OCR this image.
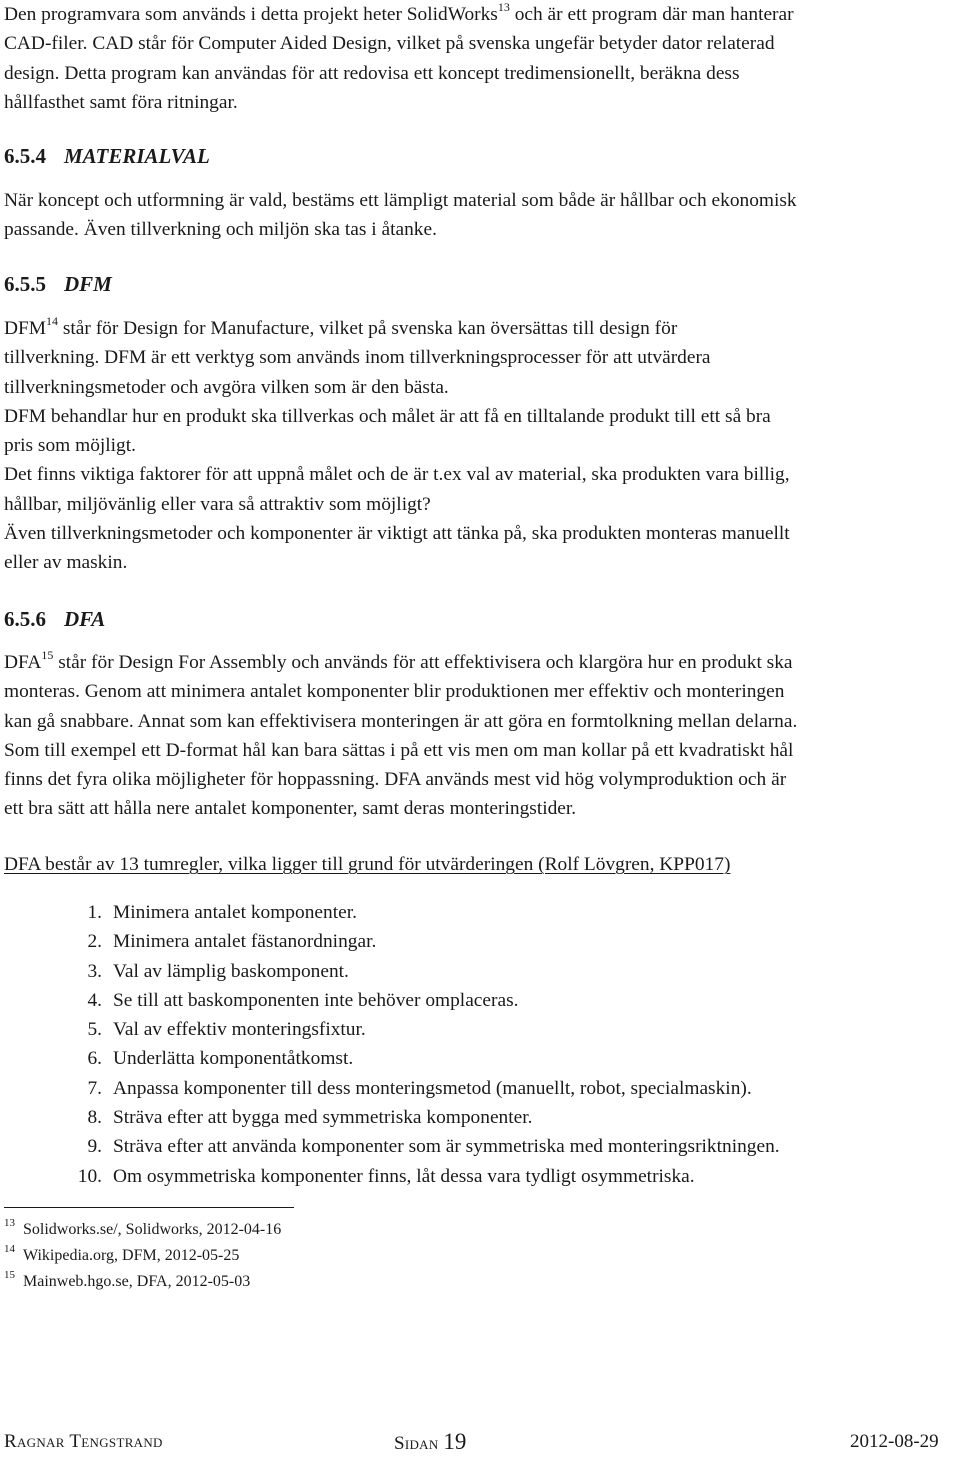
Den programvara som används i detta projekt heter SolidWorks$^{13}$ och är ett program där man hanterar
CAD-filer. CAD står för Computer Aided Design, vilket på svenska ungefär betyder dator relaterad
design. Detta program kan användas för att redovisa ett koncept tredimensionellt, beräkna dess
hållfasthet samt föra ritningar.
6.5.4 MATERIALVAL
När koncept och utformning är vald, bestäms ett lämpligt material som både är hållbar och ekonomisk
passande. Även tillverkning och miljön ska tas i åtanke.
6.5.5 DFM
DFM$^{14}$ står för Design for Manufacture, vilket på svenska kan översättas till design för
tillverkning. DFM är ett verktyg som används inom tillverkningsprocesser för att utvärdera
tillverkningsmetoder och avgöra vilken som är den bästa.
DFM behandlar hur en produkt ska tillverkas och målet är att få en tilltalande produkt till ett så bra
pris som möjligt.
Det finns viktiga faktorer för att uppnå målet och de är t.ex val av material, ska produkten vara billig,
hållbar, miljövänlig eller vara så attraktiv som möjligt?
Även tillverkningsmetoder och komponenter är viktigt att tänka på, ska produkten monteras manuellt
eller av maskin.
6.5.6 DFA
DFA$^{15}$ står för Design For Assembly och används för att effektivisera och klargöra hur en produkt ska
monteras. Genom att minimera antalet komponenter blir produktionen mer effektiv och monteringen
kan gå snabbare. Annat som kan effektivisera monteringen är att göra en formtolkning mellan delarna.
Som till exempel ett D-format hål kan bara sättas i på ett vis men om man kollar på ett kvadratiskt hål
finns det fyra olika möjligheter för hoppassning. DFA används mest vid hög volymproduktion och är
ett bra sätt att hålla nere antalet komponenter, samt deras monteringstider.
DFA består av 13 tumregler, vilka ligger till grund för utvärderingen (Rolf Lövgren, KPP017)
1. Minimera antalet komponenter.
2. Minimera antalet fästanordningar.
3. Val av lämplig baskomponent.
4. Se till att baskomponenten inte behöver omplaceras.
5. Val av effektiv monteringsfixtur.
6. Underlätta komponentåtkomst.
7. Anpassa komponenter till dess monteringsmetod (manuellt, robot, specialmaskin).
8. Sträva efter att bygga med symmetriska komponenter.
9. Sträva efter att använda komponenter som är symmetriska med monteringsriktningen.
10. Om osymmetriska komponenter finns, låt dessa vara tydligt osymmetriska.
$^{13}$ Solidworks.se/, Solidworks, 2012-04-16
$^{14}$ Wikipedia.org, DFM, 2012-05-25
$^{15}$ Mainweb.hgo.se, DFA, 2012-05-03
Ragnar Tengstrand	Sidan 19	2012-08-29
